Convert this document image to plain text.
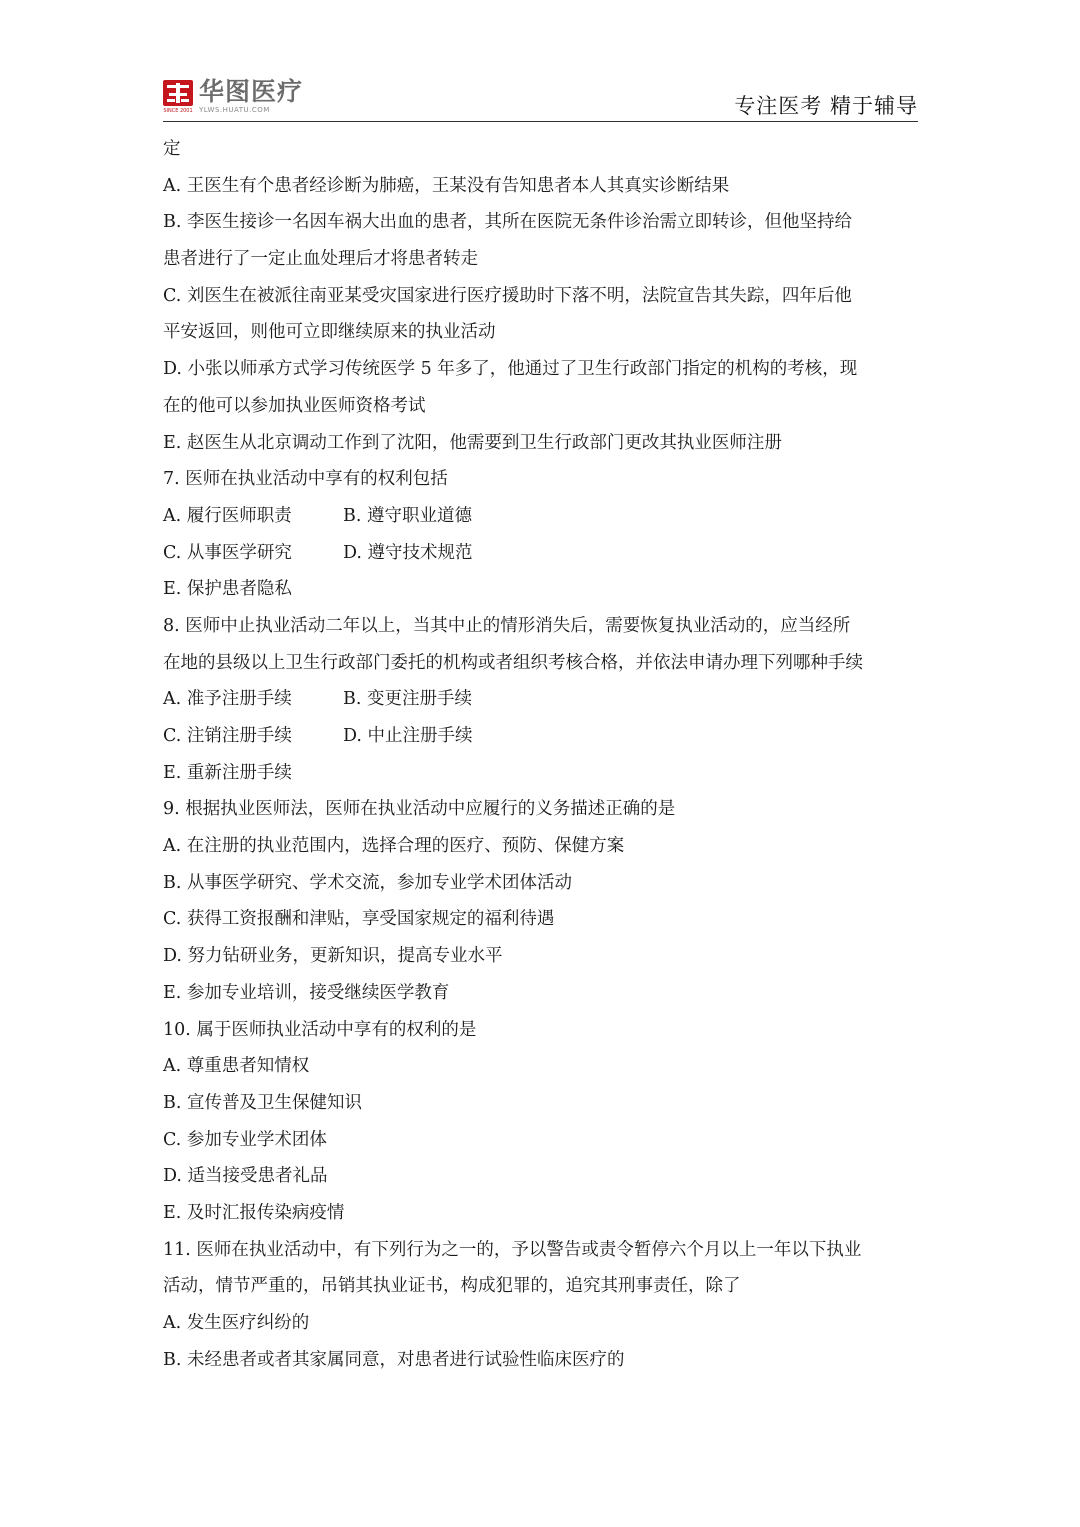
SINCE 2001
华图医疗
YLWS.HUATU.COM	专注医考 精于辅导
定
A. 王医生有个患者经诊断为肺癌，王某没有告知患者本人其真实诊断结果
B. 李医生接诊一名因车祸大出血的患者，其所在医院无条件诊治需立即转诊，但他坚持给
患者进行了一定止血处理后才将患者转走
C. 刘医生在被派往南亚某受灾国家进行医疗援助时下落不明，法院宣告其失踪，四年后他
平安返回，则他可立即继续原来的执业活动
D. 小张以师承方式学习传统医学 5 年多了，他通过了卫生行政部门指定的机构的考核，现
在的他可以参加执业医师资格考试
E. 赵医生从北京调动工作到了沈阳，他需要到卫生行政部门更改其执业医师注册
7. 医师在执业活动中享有的权利包括
A. 履行医师职责	B. 遵守职业道德
C. 从事医学研究	D. 遵守技术规范
E. 保护患者隐私
8. 医师中止执业活动二年以上，当其中止的情形消失后，需要恢复执业活动的，应当经所
在地的县级以上卫生行政部门委托的机构或者组织考核合格，并依法申请办理下列哪种手续
A. 准予注册手续	B. 变更注册手续
C. 注销注册手续	D. 中止注册手续
E. 重新注册手续
9. 根据执业医师法，医师在执业活动中应履行的义务描述正确的是
A. 在注册的执业范围内，选择合理的医疗、预防、保健方案
B. 从事医学研究、学术交流，参加专业学术团体活动
C. 获得工资报酬和津贴，享受国家规定的福利待遇
D. 努力钻研业务，更新知识，提高专业水平
E. 参加专业培训，接受继续医学教育
10. 属于医师执业活动中享有的权利的是
A. 尊重患者知情权
B. 宣传普及卫生保健知识
C. 参加专业学术团体
D. 适当接受患者礼品
E. 及时汇报传染病疫情
11. 医师在执业活动中，有下列行为之一的，予以警告或责令暂停六个月以上一年以下执业
活动，情节严重的，吊销其执业证书，构成犯罪的，追究其刑事责任，除了
A. 发生医疗纠纷的
B. 未经患者或者其家属同意，对患者进行试验性临床医疗的
